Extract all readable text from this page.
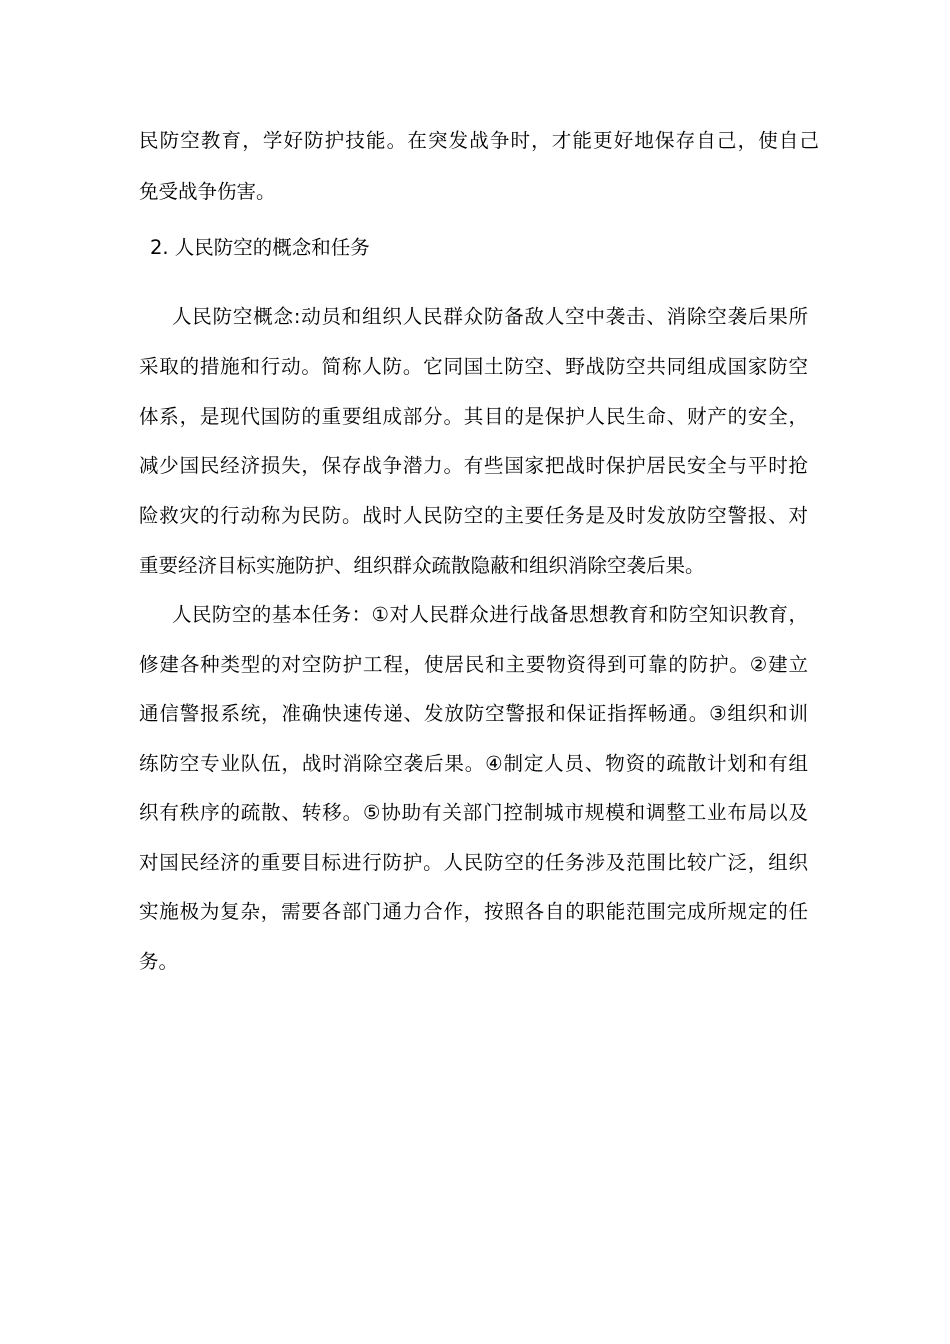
民防空教育，学好防护技能。在突发战争时，才能更好地保存自己，使自己
免受战争伤害。
2. 人民防空的概念和任务
人民防空概念:动员和组织人民群众防备敌人空中袭击、消除空袭后果所
采取的措施和行动。简称人防。它同国土防空、野战防空共同组成国家防空
体系，是现代国防的重要组成部分。其目的是保护人民生命、财产的安全，
减少国民经济损失，保存战争潜力。有些国家把战时保护居民安全与平时抢
险救灾的行动称为民防。战时人民防空的主要任务是及时发放防空警报、对
重要经济目标实施防护、组织群众疏散隐蔽和组织消除空袭后果。
人民防空的基本任务：①对人民群众进行战备思想教育和防空知识教育，
修建各种类型的对空防护工程，使居民和主要物资得到可靠的防护。②建立
通信警报系统，准确快速传递、发放防空警报和保证指挥畅通。③组织和训
练防空专业队伍，战时消除空袭后果。④制定人员、物资的疏散计划和有组
织有秩序的疏散、转移。⑤协助有关部门控制城市规模和调整工业布局以及
对国民经济的重要目标进行防护。人民防空的任务涉及范围比较广泛，组织
实施极为复杂，需要各部门通力合作，按照各自的职能范围完成所规定的任
务。
